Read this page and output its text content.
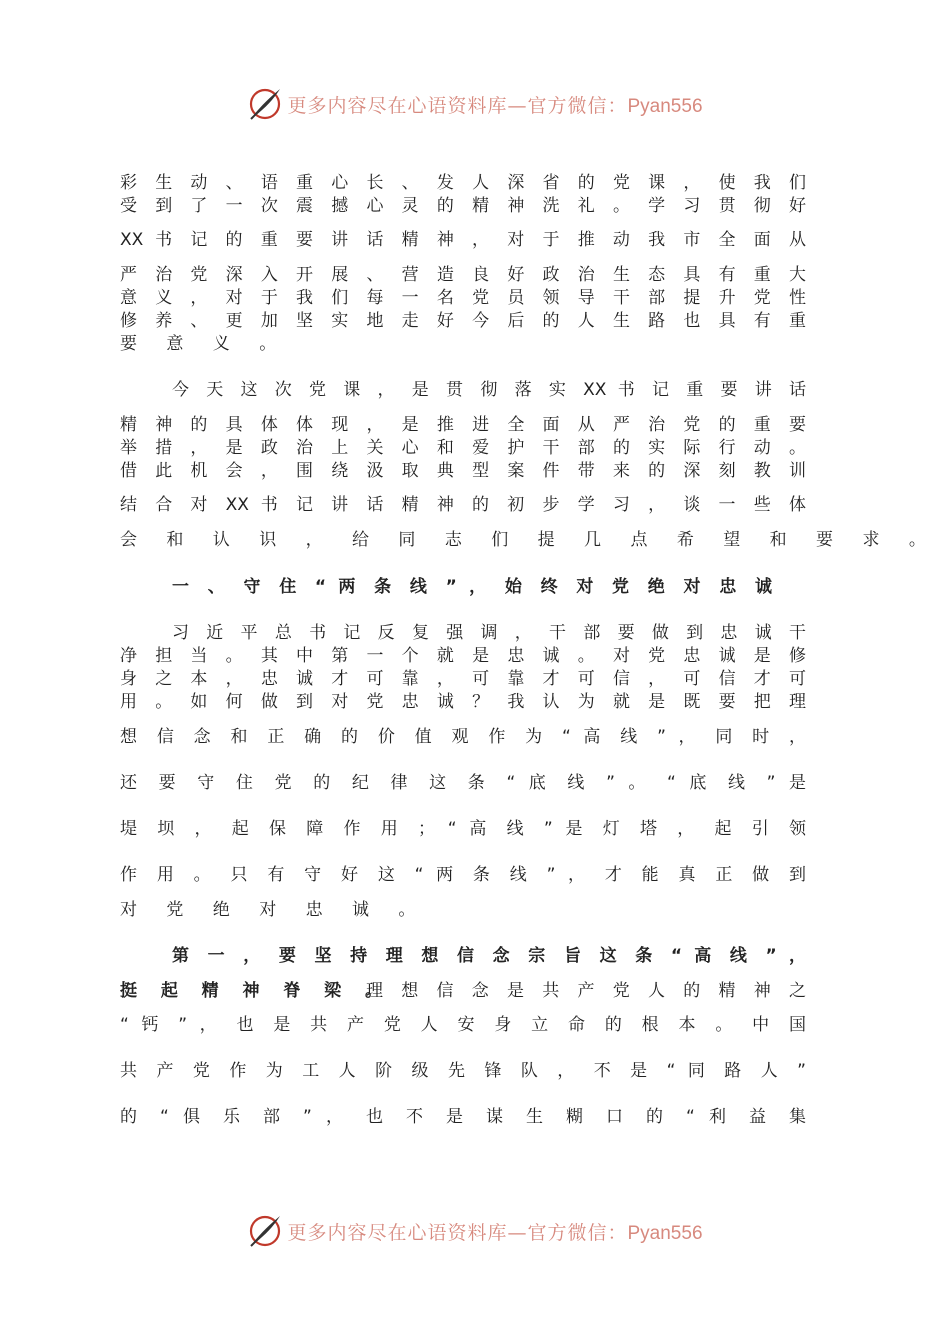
更多内容尽在心语资料库—官方微信：Pyan556
彩 生 动 、 语 重 心 长 、 发 人 深 省 的 党 课 ， 使 我 们
受 到 了 一 次 震 撼 心 灵 的 精 神 洗 礼 。 学 习 贯 彻 好
XX 书 记 的 重 要 讲 话 精 神 ， 对 于 推 动 我 市 全 面 从
严 治 党 深 入 开 展 、 营 造 良 好 政 治 生 态 具 有 重 大
意 义 ， 对 于 我 们 每 一 名 党 员 领 导 干 部 提 升 党 性
修 养 、 更 加 坚 实 地 走 好 今 后 的 人 生 路 也 具 有 重
要 意 义 。
今 天 这 次 党 课 ， 是 贯 彻 落 实 XX 书 记 重 要 讲 话
精 神 的 具 体 体 现 ， 是 推 进 全 面 从 严 治 党 的 重 要
举 措 ， 是 政 治 上 关 心 和 爱 护 干 部 的 实 际 行 动 。
借 此 机 会 ， 围 绕 汲 取 典 型 案 件 带 来 的 深 刻 教 训
结 合 对 XX 书 记 讲 话 精 神 的 初 步 学 习 ， 谈 一 些 体
会 和 认 识 ， 给 同 志 们 提 几 点 希 望 和 要 求 。
一 、 守 住 “ 两 条 线 ” ， 始 终 对 党 绝 对 忠 诚
习 近 平 总 书 记 反 复 强 调 ， 干 部 要 做 到 忠 诚 干
净 担 当 。 其 中 第 一 个 就 是 忠 诚 。 对 党 忠 诚 是 修
身 之 本 ， 忠 诚 才 可 靠 ， 可 靠 才 可 信 ， 可 信 才 可
用 。 如 何 做 到 对 党 忠 诚 ？ 我 认 为 就 是 既 要 把 理
想 信 念 和 正 确 的 价 值 观 作 为 “ 高 线 ” ， 同 时 ，
还 要 守 住 党 的 纪 律 这 条 “ 底 线 ” 。 “ 底 线 ” 是
堤 坝 ， 起 保 障 作 用 ； “ 高 线 ” 是 灯 塔 ， 起 引 领
作 用 。 只 有 守 好 这 “ 两 条 线 ” ， 才 能 真 正 做 到
对 党 绝 对 忠 诚 。
第 一 ， 要 坚 持 理 想 信 念 宗 旨 这 条 “ 高 线 ” ，
挺 起 精 神 脊 梁 。
理 想 信 念 是 共 产 党 人 的 精 神 之
“ 钙 ” ， 也 是 共 产 党 人 安 身 立 命 的 根 本 。 中 国
共 产 党 作 为 工 人 阶 级 先 锋 队 ， 不 是 “ 同 路 人 ”
的 “ 俱 乐 部 ” ， 也 不 是 谋 生 糊 口 的 “ 利 益 集
更多内容尽在心语资料库—官方微信：Pyan556
